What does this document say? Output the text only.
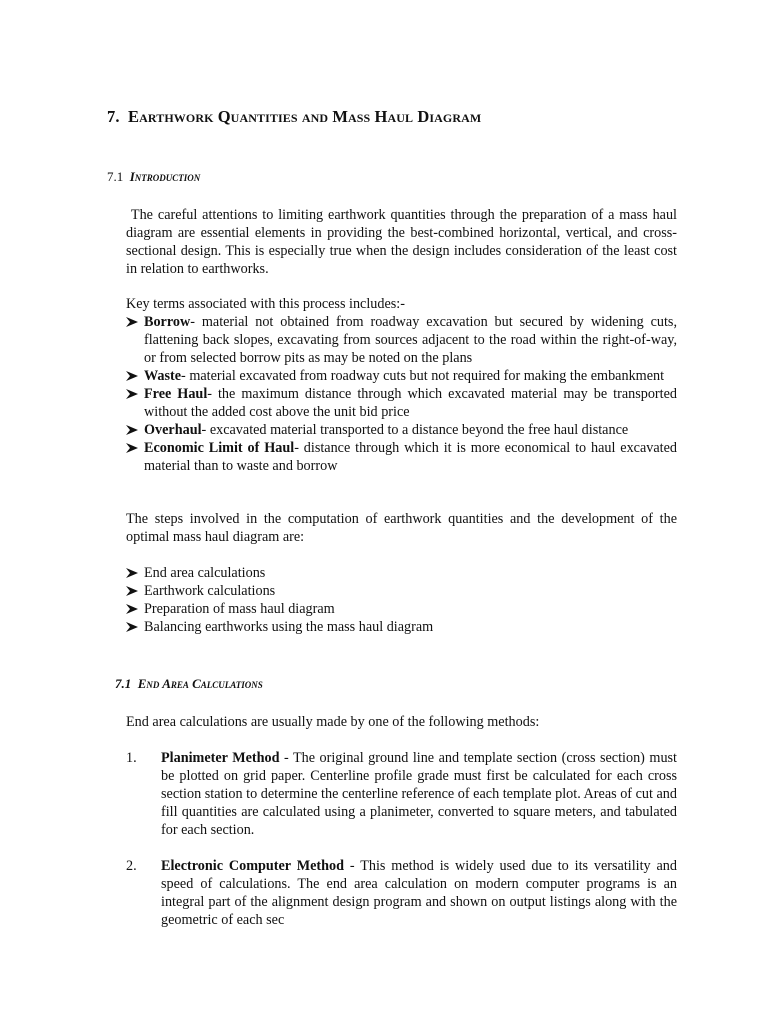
7. Earthwork Quantities and Mass Haul Diagram
7.1 Introduction

The careful attentions to limiting earthwork quantities through the preparation of a mass haul diagram are essential elements in providing the best-combined horizontal, vertical, and cross-sectional design. This is especially true when the design includes consideration of the least cost in relation to earthworks.

Key terms associated with this process includes:-

Borrow- material not obtained from roadway excavation but secured by widening cuts, flattening back slopes, excavating from sources adjacent to the road within the right-of-way, or from selected borrow pits as may be noted on the plans
Waste- material excavated from roadway cuts but not required for making the embankment
Free Haul- the maximum distance through which excavated material may be transported without the added cost above the unit bid price
Overhaul- excavated material transported to a distance beyond the free haul distance
Economic Limit of Haul- distance through which it is more economical to haul excavated material than to waste and borrow

The steps involved in the computation of earthwork quantities and the development of the optimal mass haul diagram are:

End area calculations
Earthwork calculations
Preparation of mass haul diagram
Balancing earthworks using the mass haul diagram
7.1 End Area Calculations

End area calculations are usually made by one of the following methods:

1. Planimeter Method - The original ground line and template section (cross section) must be plotted on grid paper. Centerline profile grade must first be calculated for each cross section station to determine the centerline reference of each template plot. Areas of cut and fill quantities are calculated using a planimeter, converted to square meters, and tabulated for each section.
2. Electronic Computer Method - This method is widely used due to its versatility and speed of calculations. The end area calculation on modern computer programs is an integral part of the alignment design program and shown on output listings along with the geometric of each sec
